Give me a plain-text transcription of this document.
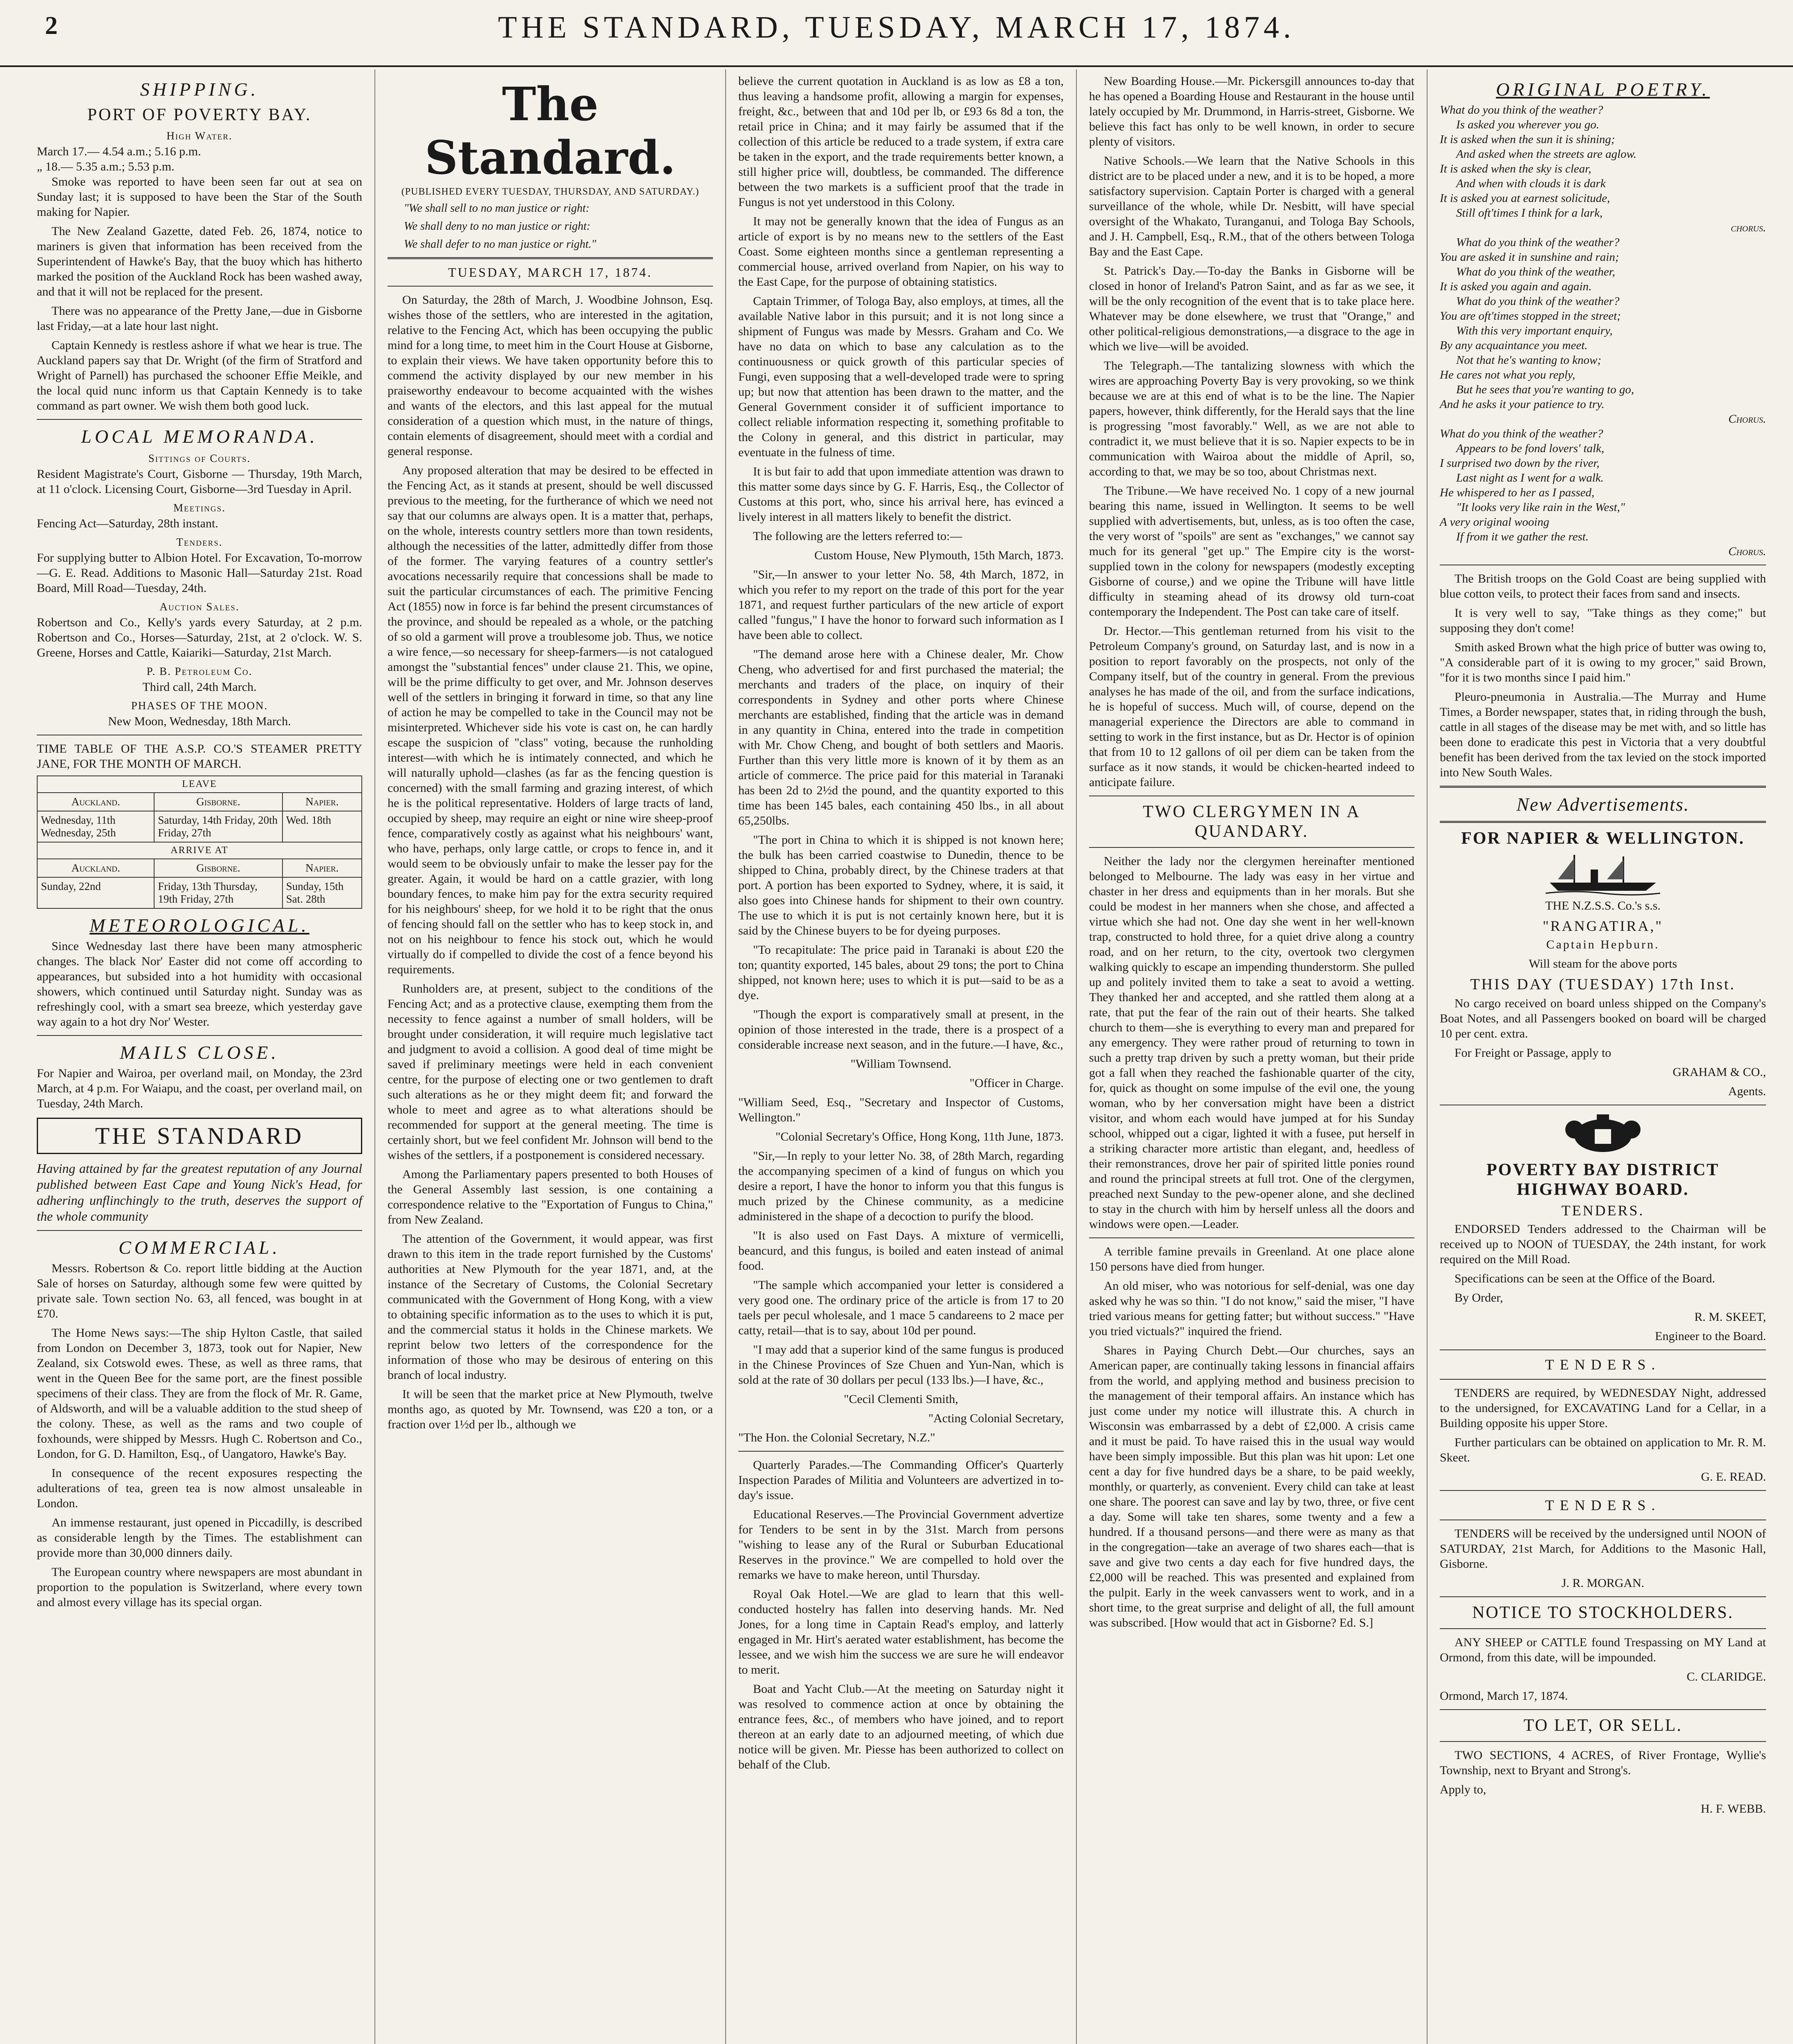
2	THE STANDARD, TUESDAY, MARCH 17, 1874.
SHIPPING.
PORT OF POVERTY BAY.
High Water.

March 17.— 4.54 a.m.; 5.16 p.m.

„ 18.— 5.35 a.m.; 5.53 p.m.

Smoke was reported to have been seen far out at sea on Sunday last; it is supposed to have been the Star of the South making for Napier.

The New Zealand Gazette, dated Feb. 26, 1874, notice to mariners is given that information has been received from the Superintendent of Hawke's Bay, that the buoy which has hitherto marked the position of the Auckland Rock has been washed away, and that it will not be replaced for the present.

There was no appearance of the Pretty Jane,—due in Gisborne last Friday,—at a late hour last night.

Captain Kennedy is restless ashore if what we hear is true. The Auckland papers say that Dr. Wright (of the firm of Stratford and Wright of Parnell) has purchased the schooner Effie Meikle, and the local quid nunc inform us that Captain Kennedy is to take command as part owner. We wish them both good luck.

LOCAL MEMORANDA.
Sittings of Courts.

Resident Magistrate's Court, Gisborne — Thursday, 19th March, at 11 o'clock. Licensing Court, Gisborne—3rd Tuesday in April.

Meetings.

Fencing Act—Saturday, 28th instant.

Tenders.

For supplying butter to Albion Hotel. For Excavation, To-morrow—G. E. Read. Additions to Masonic Hall—Saturday 21st. Road Board, Mill Road—Tuesday, 24th.

Auction Sales.

Robertson and Co., Kelly's yards every Saturday, at 2 p.m. Robertson and Co., Horses—Saturday, 21st, at 2 o'clock. W. S. Greene, Horses and Cattle, Kaiariki—Saturday, 21st March.

P. B. Petroleum Co.

Third call, 24th March.

PHASES OF THE MOON.

New Moon, Wednesday, 18th March.

TIME TABLE OF THE A.S.P. CO.'S STEAMER PRETTY JANE, FOR THE MONTH OF MARCH.

LEAVE		
Auckland.	Gisborne.	Napier.
Wednesday, 11th Wednesday, 25th	Saturday, 14th Friday, 20th Friday, 27th	Wed. 18th
ARRIVE AT		
Auckland.	Gisborne.	Napier.
Sunday, 22nd	Friday, 13th Thursday, 19th Friday, 27th	Sunday, 15th Sat. 28th
METEOROLOGICAL.

Since Wednesday last there have been many atmospheric changes. The black Nor' Easter did not come off according to appearances, but subsided into a hot humidity with occasional showers, which continued until Saturday night. Sunday was as refreshingly cool, with a smart sea breeze, which yesterday gave way again to a hot dry Nor' Wester.

MAILS CLOSE.

For Napier and Wairoa, per overland mail, on Monday, the 23rd March, at 4 p.m. For Waiapu, and the coast, per overland mail, on Tuesday, 24th March.

THE STANDARD

Having attained by far the greatest reputation of any Journal published between East Cape and Young Nick's Head, for adhering unflinchingly to the truth, deserves the support of the whole community

COMMERCIAL.

Messrs. Robertson & Co. report little bidding at the Auction Sale of horses on Saturday, although some few were quitted by private sale. Town section No. 63, all fenced, was bought in at £70.

The Home News says:—The ship Hylton Castle, that sailed from London on December 3, 1873, took out for Napier, New Zealand, six Cotswold ewes. These, as well as three rams, that went in the Queen Bee for the same port, are the finest possible specimens of their class. They are from the flock of Mr. R. Game, of Aldsworth, and will be a valuable addition to the stud sheep of the colony. These, as well as the rams and two couple of foxhounds, were shipped by Messrs. Hugh C. Robertson and Co., London, for G. D. Hamilton, Esq., of Uangatoro, Hawke's Bay.

In consequence of the recent exposures respecting the adulterations of tea, green tea is now almost unsaleable in London.

An immense restaurant, just opened in Piccadilly, is described as considerable length by the Times. The establishment can provide more than 30,000 dinners daily.

The European country where newspapers are most abundant in proportion to the population is Switzerland, where every town and almost every village has its special organ.

The Standard.
(PUBLISHED EVERY TUESDAY, THURSDAY, AND SATURDAY.)

"We shall sell to no man justice or right:

We shall deny to no man justice or right:

We shall defer to no man justice or right."

TUESDAY, MARCH 17, 1874.

On Saturday, the 28th of March, J. Woodbine Johnson, Esq. wishes those of the settlers, who are interested in the agitation, relative to the Fencing Act, which has been occupying the public mind for a long time, to meet him in the Court House at Gisborne, to explain their views. We have taken opportunity before this to commend the activity displayed by our new member in his praiseworthy endeavour to become acquainted with the wishes and wants of the electors, and this last appeal for the mutual consideration of a question which must, in the nature of things, contain elements of disagreement, should meet with a cordial and general response.

Any proposed alteration that may be desired to be effected in the Fencing Act, as it stands at present, should be well discussed previous to the meeting, for the furtherance of which we need not say that our columns are always open. It is a matter that, perhaps, on the whole, interests country settlers more than town residents, although the necessities of the latter, admittedly differ from those of the former. The varying features of a country settler's avocations necessarily require that concessions shall be made to suit the particular circumstances of each. The primitive Fencing Act (1855) now in force is far behind the present circumstances of the province, and should be repealed as a whole, or the patching of so old a garment will prove a troublesome job. Thus, we notice a wire fence,—so necessary for sheep-farmers—is not catalogued amongst the "substantial fences" under clause 21. This, we opine, will be the prime difficulty to get over, and Mr. Johnson deserves well of the settlers in bringing it forward in time, so that any line of action he may be compelled to take in the Council may not be misinterpreted. Whichever side his vote is cast on, he can hardly escape the suspicion of "class" voting, because the runholding interest—with which he is intimately connected, and which he will naturally uphold—clashes (as far as the fencing question is concerned) with the small farming and grazing interest, of which he is the political representative. Holders of large tracts of land, occupied by sheep, may require an eight or nine wire sheep-proof fence, comparatively costly as against what his neighbours' want, who have, perhaps, only large cattle, or crops to fence in, and it would seem to be obviously unfair to make the lesser pay for the greater. Again, it would be hard on a cattle grazier, with long boundary fences, to make him pay for the extra security required for his neighbours' sheep, for we hold it to be right that the onus of fencing should fall on the settler who has to keep stock in, and not on his neighbour to fence his stock out, which he would virtually do if compelled to divide the cost of a fence beyond his requirements.

Runholders are, at present, subject to the conditions of the Fencing Act; and as a protective clause, exempting them from the necessity to fence against a number of small holders, will be brought under consideration, it will require much legislative tact and judgment to avoid a collision. A good deal of time might be saved if preliminary meetings were held in each convenient centre, for the purpose of electing one or two gentlemen to draft such alterations as he or they might deem fit; and forward the whole to meet and agree as to what alterations should be recommended for support at the general meeting. The time is certainly short, but we feel confident Mr. Johnson will bend to the wishes of the settlers, if a postponement is considered necessary.

Among the Parliamentary papers presented to both Houses of the General Assembly last session, is one containing a correspondence relative to the "Exportation of Fungus to China," from New Zealand.

The attention of the Government, it would appear, was first drawn to this item in the trade report furnished by the Customs' authorities at New Plymouth for the year 1871, and, at the instance of the Secretary of Customs, the Colonial Secretary communicated with the Government of Hong Kong, with a view to obtaining specific information as to the uses to which it is put, and the commercial status it holds in the Chinese markets. We reprint below two letters of the correspondence for the information of those who may be desirous of entering on this branch of local industry.

It will be seen that the market price at New Plymouth, twelve months ago, as quoted by Mr. Townsend, was £20 a ton, or a fraction over 1½d per lb., although we

believe the current quotation in Auckland is as low as £8 a ton, thus leaving a handsome profit, allowing a margin for expenses, freight, &c., between that and 10d per lb, or £93 6s 8d a ton, the retail price in China; and it may fairly be assumed that if the collection of this article be reduced to a trade system, if extra care be taken in the export, and the trade requirements better known, a still higher price will, doubtless, be commanded. The difference between the two markets is a sufficient proof that the trade in Fungus is not yet understood in this Colony.

It may not be generally known that the idea of Fungus as an article of export is by no means new to the settlers of the East Coast. Some eighteen months since a gentleman representing a commercial house, arrived overland from Napier, on his way to the East Cape, for the purpose of obtaining statistics.

Captain Trimmer, of Tologa Bay, also employs, at times, all the available Native labor in this pursuit; and it is not long since a shipment of Fungus was made by Messrs. Graham and Co. We have no data on which to base any calculation as to the continuousness or quick growth of this particular species of Fungi, even supposing that a well-developed trade were to spring up; but now that attention has been drawn to the matter, and the General Government consider it of sufficient importance to collect reliable information respecting it, something profitable to the Colony in general, and this district in particular, may eventuate in the fulness of time.

It is but fair to add that upon immediate attention was drawn to this matter some days since by G. F. Harris, Esq., the Collector of Customs at this port, who, since his arrival here, has evinced a lively interest in all matters likely to benefit the district.

The following are the letters referred to:—

Custom House, New Plymouth, 15th March, 1873.

"Sir,—In answer to your letter No. 58, 4th March, 1872, in which you refer to my report on the trade of this port for the year 1871, and request further particulars of the new article of export called "fungus," I have the honor to forward such information as I have been able to collect.

"The demand arose here with a Chinese dealer, Mr. Chow Cheng, who advertised for and first purchased the material; the merchants and traders of the place, on inquiry of their correspondents in Sydney and other ports where Chinese merchants are established, finding that the article was in demand in any quantity in China, entered into the trade in competition with Mr. Chow Cheng, and bought of both settlers and Maoris. Further than this very little more is known of it by them as an article of commerce. The price paid for this material in Taranaki has been 2d to 2½d the pound, and the quantity exported to this time has been 145 bales, each containing 450 lbs., in all about 65,250lbs.

"The port in China to which it is shipped is not known here; the bulk has been carried coastwise to Dunedin, thence to be shipped to China, probably direct, by the Chinese traders at that port. A portion has been exported to Sydney, where, it is said, it also goes into Chinese hands for shipment to their own country. The use to which it is put is not certainly known here, but it is said by the Chinese buyers to be for dyeing purposes.

"To recapitulate: The price paid in Taranaki is about £20 the ton; quantity exported, 145 bales, about 29 tons; the port to China shipped, not known here; uses to which it is put—said to be as a dye.

"Though the export is comparatively small at present, in the opinion of those interested in the trade, there is a prospect of a considerable increase next season, and in the future.—I have, &c.,

"William Townsend.

"Officer in Charge.

"William Seed, Esq., "Secretary and Inspector of Customs, Wellington."

"Colonial Secretary's Office, Hong Kong, 11th June, 1873.

"Sir,—In reply to your letter No. 38, of 28th March, regarding the accompanying specimen of a kind of fungus on which you desire a report, I have the honor to inform you that this fungus is much prized by the Chinese community, as a medicine administered in the shape of a decoction to purify the blood.

"It is also used on Fast Days. A mixture of vermicelli, beancurd, and this fungus, is boiled and eaten instead of animal food.

"The sample which accompanied your letter is considered a very good one. The ordinary price of the article is from 17 to 20 taels per pecul wholesale, and 1 mace 5 candareens to 2 mace per catty, retail—that is to say, about 10d per pound.

"I may add that a superior kind of the same fungus is produced in the Chinese Provinces of Sze Chuen and Yun-Nan, which is sold at the rate of 30 dollars per pecul (133 lbs.)—I have, &c.,

"Cecil Clementi Smith,

"Acting Colonial Secretary,

"The Hon. the Colonial Secretary, N.Z."

Quarterly Parades.—The Commanding Officer's Quarterly Inspection Parades of Militia and Volunteers are advertized in to-day's issue.

Educational Reserves.—The Provincial Government advertize for Tenders to be sent in by the 31st. March from persons "wishing to lease any of the Rural or Suburban Educational Reserves in the province." We are compelled to hold over the remarks we have to make hereon, until Thursday.

Royal Oak Hotel.—We are glad to learn that this well-conducted hostelry has fallen into deserving hands. Mr. Ned Jones, for a long time in Captain Read's employ, and latterly engaged in Mr. Hirt's aerated water establishment, has become the lessee, and we wish him the success we are sure he will endeavor to merit.

Boat and Yacht Club.—At the meeting on Saturday night it was resolved to commence action at once by obtaining the entrance fees, &c., of members who have joined, and to report thereon at an early date to an adjourned meeting, of which due notice will be given. Mr. Piesse has been authorized to collect on behalf of the Club.

New Boarding House.—Mr. Pickersgill announces to-day that he has opened a Boarding House and Restaurant in the house until lately occupied by Mr. Drummond, in Harris-street, Gisborne. We believe this fact has only to be well known, in order to secure plenty of visitors.

Native Schools.—We learn that the Native Schools in this district are to be placed under a new, and it is to be hoped, a more satisfactory supervision. Captain Porter is charged with a general surveillance of the whole, while Dr. Nesbitt, will have special oversight of the Whakato, Turanganui, and Tologa Bay Schools, and J. H. Campbell, Esq., R.M., that of the others between Tologa Bay and the East Cape.

St. Patrick's Day.—To-day the Banks in Gisborne will be closed in honor of Ireland's Patron Saint, and as far as we see, it will be the only recognition of the event that is to take place here. Whatever may be done elsewhere, we trust that "Orange," and other political-religious demonstrations,—a disgrace to the age in which we live—will be avoided.

The Telegraph.—The tantalizing slowness with which the wires are approaching Poverty Bay is very provoking, so we think because we are at this end of what is to be the line. The Napier papers, however, think differently, for the Herald says that the line is progressing "most favorably." Well, as we are not able to contradict it, we must believe that it is so. Napier expects to be in communication with Wairoa about the middle of April, so, according to that, we may be so too, about Christmas next.

The Tribune.—We have received No. 1 copy of a new journal bearing this name, issued in Wellington. It seems to be well supplied with advertisements, but, unless, as is too often the case, the very worst of "spoils" are sent as "exchanges," we cannot say much for its general "get up." The Empire city is the worst-supplied town in the colony for newspapers (modestly excepting Gisborne of course,) and we opine the Tribune will have little difficulty in steaming ahead of its drowsy old turn-coat contemporary the Independent. The Post can take care of itself.

Dr. Hector.—This gentleman returned from his visit to the Petroleum Company's ground, on Saturday last, and is now in a position to report favorably on the prospects, not only of the Company itself, but of the country in general. From the previous analyses he has made of the oil, and from the surface indications, he is hopeful of success. Much will, of course, depend on the managerial experience the Directors are able to command in setting to work in the first instance, but as Dr. Hector is of opinion that from 10 to 12 gallons of oil per diem can be taken from the surface as it now stands, it would be chicken-hearted indeed to anticipate failure.

TWO CLERGYMEN IN A QUANDARY.

Neither the lady nor the clergymen hereinafter mentioned belonged to Melbourne. The lady was easy in her virtue and chaster in her dress and equipments than in her morals. But she could be modest in her manners when she chose, and affected a virtue which she had not. One day she went in her well-known trap, constructed to hold three, for a quiet drive along a country road, and on her return, to the city, overtook two clergymen walking quickly to escape an impending thunderstorm. She pulled up and politely invited them to take a seat to avoid a wetting. They thanked her and accepted, and she rattled them along at a rate, that put the fear of the rain out of their hearts. She talked church to them—she is everything to every man and prepared for any emergency. They were rather proud of returning to town in such a pretty trap driven by such a pretty woman, but their pride got a fall when they reached the fashionable quarter of the city, for, quick as thought on some impulse of the evil one, the young woman, who by her conversation might have been a district visitor, and whom each would have jumped at for his Sunday school, whipped out a cigar, lighted it with a fusee, put herself in a striking character more artistic than elegant, and, heedless of their remonstrances, drove her pair of spirited little ponies round and round the principal streets at full trot. One of the clergymen, preached next Sunday to the pew-opener alone, and she declined to stay in the church with him by herself unless all the doors and windows were open.—Leader.

A terrible famine prevails in Greenland. At one place alone 150 persons have died from hunger.

An old miser, who was notorious for self-denial, was one day asked why he was so thin. "I do not know," said the miser, "I have tried various means for getting fatter; but without success." "Have you tried victuals?" inquired the friend.

Shares in Paying Church Debt.—Our churches, says an American paper, are continually taking lessons in financial affairs from the world, and applying method and business precision to the management of their temporal affairs. An instance which has just come under my notice will illustrate this. A church in Wisconsin was embarrassed by a debt of £2,000. A crisis came and it must be paid. To have raised this in the usual way would have been simply impossible. But this plan was hit upon: Let one cent a day for five hundred days be a share, to be paid weekly, monthly, or quarterly, as convenient. Every child can take at least one share. The poorest can save and lay by two, three, or five cent a day. Some will take ten shares, some twenty and a few a hundred. If a thousand persons—and there were as many as that in the congregation—take an average of two shares each—that is save and give two cents a day each for five hundred days, the £2,000 will be reached. This was presented and explained from the pulpit. Early in the week canvassers went to work, and in a short time, to the great surprise and delight of all, the full amount was subscribed. [How would that act in Gisborne? Ed. S.]

ORIGINAL POETRY.

What do you think of the weather?

Is asked you wherever you go.

It is asked when the sun it is shining;

And asked when the streets are aglow.

It is asked when the sky is clear,

And when with clouds it is dark

It is asked you at earnest solicitude,

Still oft'times I think for a lark,

chorus.

What do you think of the weather?

You are asked it in sunshine and rain;

What do you think of the weather,

It is asked you again and again.

What do you think of the weather?

You are oft'times stopped in the street;

With this very important enquiry,

By any acquaintance you meet.

Not that he's wanting to know;

He cares not what you reply,

But he sees that you're wanting to go,

And he asks it your patience to try.

Chorus.

What do you think of the weather?

Appears to be fond lovers' talk,

I surprised two down by the river,

Last night as I went for a walk.

He whispered to her as I passed,

"It looks very like rain in the West,"

A very original wooing

If from it we gather the rest.

Chorus.

The British troops on the Gold Coast are being supplied with blue cotton veils, to protect their faces from sand and insects.

It is very well to say, "Take things as they come;" but supposing they don't come!

Smith asked Brown what the high price of butter was owing to, "A considerable part of it is owing to my grocer," said Brown, "for it is two months since I paid him."

Pleuro-pneumonia in Australia.—The Murray and Hume Times, a Border newspaper, states that, in riding through the bush, cattle in all stages of the disease may be met with, and so little has been done to eradicate this pest in Victoria that a very doubtful benefit has been derived from the tax levied on the stock imported into New South Wales.

New Advertisements.
FOR NAPIER & WELLINGTON.

THE N.Z.S.S. Co.'s s.s.

"RANGATIRA,"

Captain Hepburn.

Will steam for the above ports

THIS DAY (TUESDAY) 17th Inst.

No cargo received on board unless shipped on the Company's Boat Notes, and all Passengers booked on board will be charged 10 per cent. extra.

For Freight or Passage, apply to

GRAHAM & CO.,

Agents.

POVERTY BAY DISTRICT HIGHWAY BOARD.
TENDERS.

ENDORSED Tenders addressed to the Chairman will be received up to NOON of TUESDAY, the 24th instant, for work required on the Mill Road.

Specifications can be seen at the Office of the Board.

By Order,

R. M. SKEET,

Engineer to the Board.

TENDERS.

TENDERS are required, by WEDNESDAY Night, addressed to the undersigned, for EXCAVATING Land for a Cellar, in a Building opposite his upper Store.

Further particulars can be obtained on application to Mr. R. M. Skeet.

G. E. READ.

TENDERS.

TENDERS will be received by the undersigned until NOON of SATURDAY, 21st March, for Additions to the Masonic Hall, Gisborne.

J. R. MORGAN.

NOTICE TO STOCKHOLDERS.

ANY SHEEP or CATTLE found Trespassing on MY Land at Ormond, from this date, will be impounded.

C. CLARIDGE.

Ormond, March 17, 1874.

TO LET, OR SELL.

TWO SECTIONS, 4 ACRES, of River Frontage, Wyllie's Township, next to Bryant and Strong's.

Apply to,

H. F. WEBB.
